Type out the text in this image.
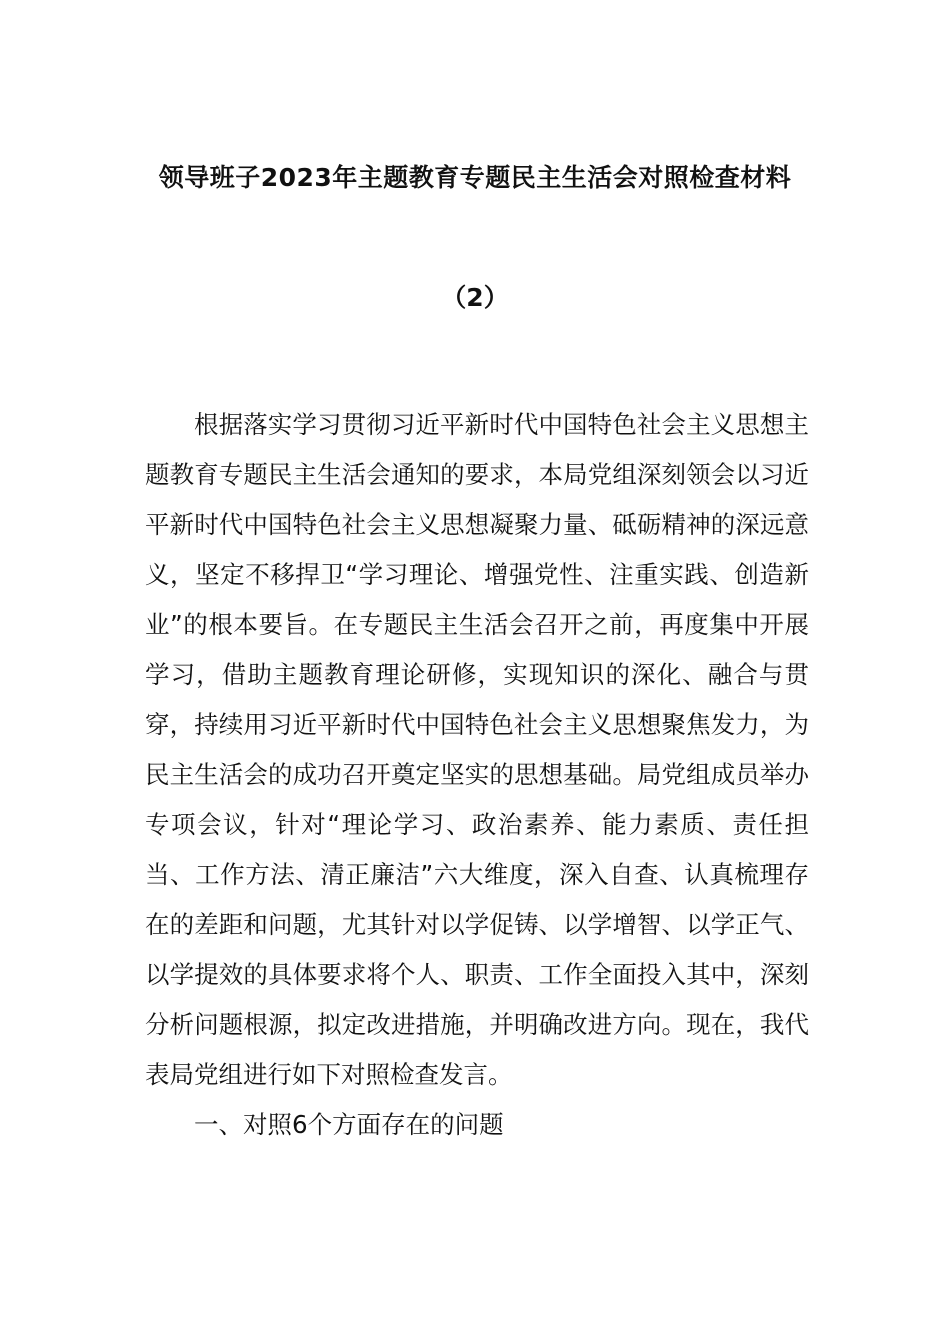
领导班子2023年主题教育专题民主生活会对照检查材料
（2）

根据落实学习贯彻习近平新时代中国特色社会主义思想主题教育专题民主生活会通知的要求，本局党组深刻领会以习近平新时代中国特色社会主义思想凝聚力量、砥砺精神的深远意义，坚定不移捍卫“学习理论、增强党性、注重实践、创造新业”的根本要旨。在专题民主生活会召开之前，再度集中开展学习，借助主题教育理论研修，实现知识的深化、融合与贯穿，持续用习近平新时代中国特色社会主义思想聚焦发力，为民主生活会的成功召开奠定坚实的思想基础。局党组成员举办专项会议，针对“理论学习、政治素养、能力素质、责任担当、工作方法、清正廉洁”六大维度，深入自查、认真梳理存在的差距和问题，尤其针对以学促铸、以学增智、以学正气、以学提效的具体要求将个人、职责、工作全面投入其中，深刻分析问题根源，拟定改进措施，并明确改进方向。现在，我代表局党组进行如下对照检查发言。

一、对照6个方面存在的问题
